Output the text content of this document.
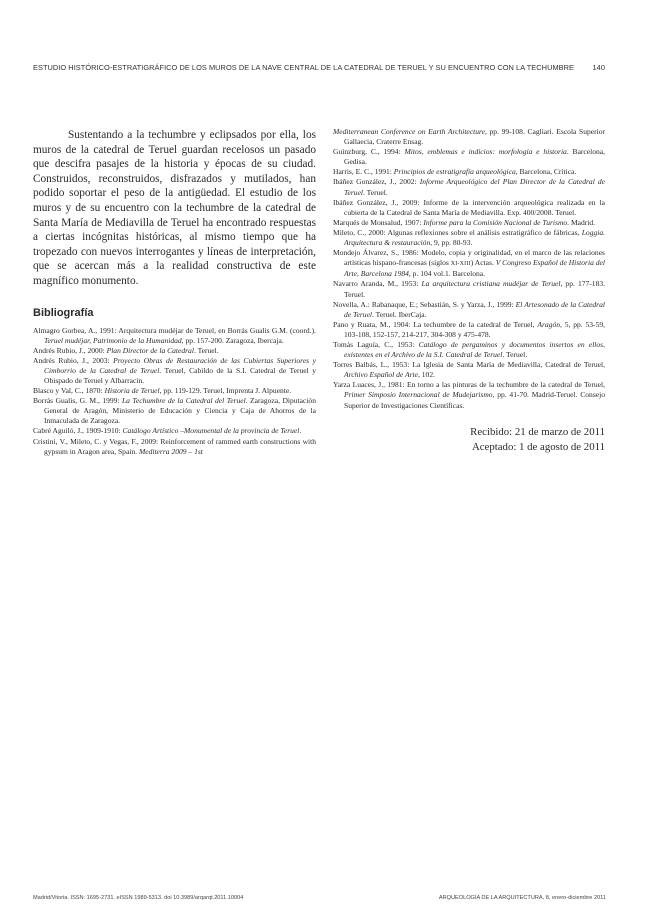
ESTUDIO HISTÓRICO-ESTRATIGRÁFICO DE LOS MUROS DE LA NAVE CENTRAL DE LA CATEDRAL DE TERUEL Y SU ENCUENTRO CON LA TECHUMBRE	140

Sustentando a la techumbre y eclipsados por ella, los muros de la catedral de Teruel guardan recelosos un pasado que descifra pasajes de la historia y épocas de su ciudad. Construidos, reconstruidos, disfrazados y mutilados, han podido soportar el peso de la antigüedad. El estudio de los muros y de su encuentro con la techumbre de la catedral de Santa María de Mediavilla de Teruel ha encontrado respuestas a ciertas incógnitas históricas, al mismo tiempo que ha tropezado con nuevos interrogantes y líneas de interpretación, que se acercan más a la realidad constructiva de este magnífico monumento.

Bibliografía

Almagro Gorbea, A., 1991: Arquitectura mudéjar de Teruel, en Borrás Gualis G.M. (coord.). Teruel mudéjar, Patrimonio de la Humanidad, pp. 157-200. Zaragoza, Ibercaja.

Andrés Rubio, J., 2000: Plan Director de la Catedral. Teruel.

Andrés Rubio, J., 2003: Proyecto Obras de Restauración de las Cubiertas Superiores y Cimborrio de la Catedral de Teruel. Teruel, Cabildo de la S.I. Catedral de Teruel y Obispado de Teruel y Albarracín.

Blasco y Val, C., 1870: Historia de Teruel, pp. 119-129. Teruel, Imprenta J. Alpuente.

Borrás Gualis, G. M., 1999: La Techumbre de la Catedral del Teruel. Zaragoza, Diputación General de Aragón, Ministerio de Educación y Ciencia y Caja de Ahorros de la Inmaculada de Zaragoza.

Cabré Aguiló, J., 1909-1910: Catálogo Artístico –Monumental de la provincia de Teruel.

Cristini, V., Mileto, C. y Vegas, F., 2009: Reinforcement of rammed earth constructions with gypsum in Aragon area, Spain. Mediterra 2009 – 1st

Mediterranean Conference on Earth Architecture, pp. 99-108. Cagliari. Escola Superior Gallaecia, Craterre Ensag.

Guinzburg, C., 1994: Mitos, emblemas e indicios: morfología e historia. Barcelona, Gedisa.

Harris, E. C., 1991: Principios de estratigrafía arqueológica, Barcelona, Crítica.

Ibáñez González, J., 2002: Informe Arqueológico del Plan Director de la Catedral de Teruel. Teruel.

Ibáñez González, J., 2009: Informe de la intervención arqueológica realizada en la cubierta de la Catedral de Santa María de Mediavilla. Exp. 400/2008. Teruel.

Marqués de Monsalud, 1907: Informe para la Comisión Nacional de Turismo. Madrid.

Mileto, C., 2000: Algunas reflexiones sobre el análisis estratigráfico de fábricas, Loggia. Arquitectura & restauración, 9, pp. 80-93.

Mondejo Álvarez, S., 1986: Modelo, copia y originalidad, en el marco de las relaciones artísticas hispano-francesas (siglos XI-XIII) Actas. V Congreso Español de Historia del Arte, Barcelona 1984, p. 104 vol.1. Barcelona.

Navarro Aranda, M., 1953: La arquitectura cristiana mudéjar de Teruel, pp. 177-183. Teruel.

Novella, A.: Rabanaque, E.; Sebastián, S. y Yarza, J., 1999: El Artesonado de la Catedral de Teruel. Teruel. IberCaja.

Pano y Ruata, M., 1904: La techumbre de la catedral de Teruel, Aragón, 5, pp. 53-59, 103-108, 152-157, 214-217, 304-308 y 475-478.

Tomás Laguía, C., 1953: Catálogo de pergaminos y documentos insertos en ellos, existentes en el Archivo de la S.I. Catedral de Teruel. Teruel.

Torres Balbás, L., 1953: La Iglesia de Santa María de Mediavilla, Catedral de Teruel, Archivo Español de Arte, 102.

Yarza Luaces, J., 1981: En torno a las pinturas de la techumbre de la catedral de Teruel, Primer Simposio Internacional de Mudejarismo, pp. 41-70. Madrid-Teruel. Consejo Superior de Investigaciones Científicas.

Recibido: 21 de marzo de 2011
Aceptado: 1 de agosto de 2011
Madrid/Vitoria. ISSN: 1695-2731. eISSN 1989-5313. doi 10.3989/arqarqt.2011.10004	ARQUEOLOGÍA DE LA ARQUITECTURA, 8, enero-diciembre 2011
